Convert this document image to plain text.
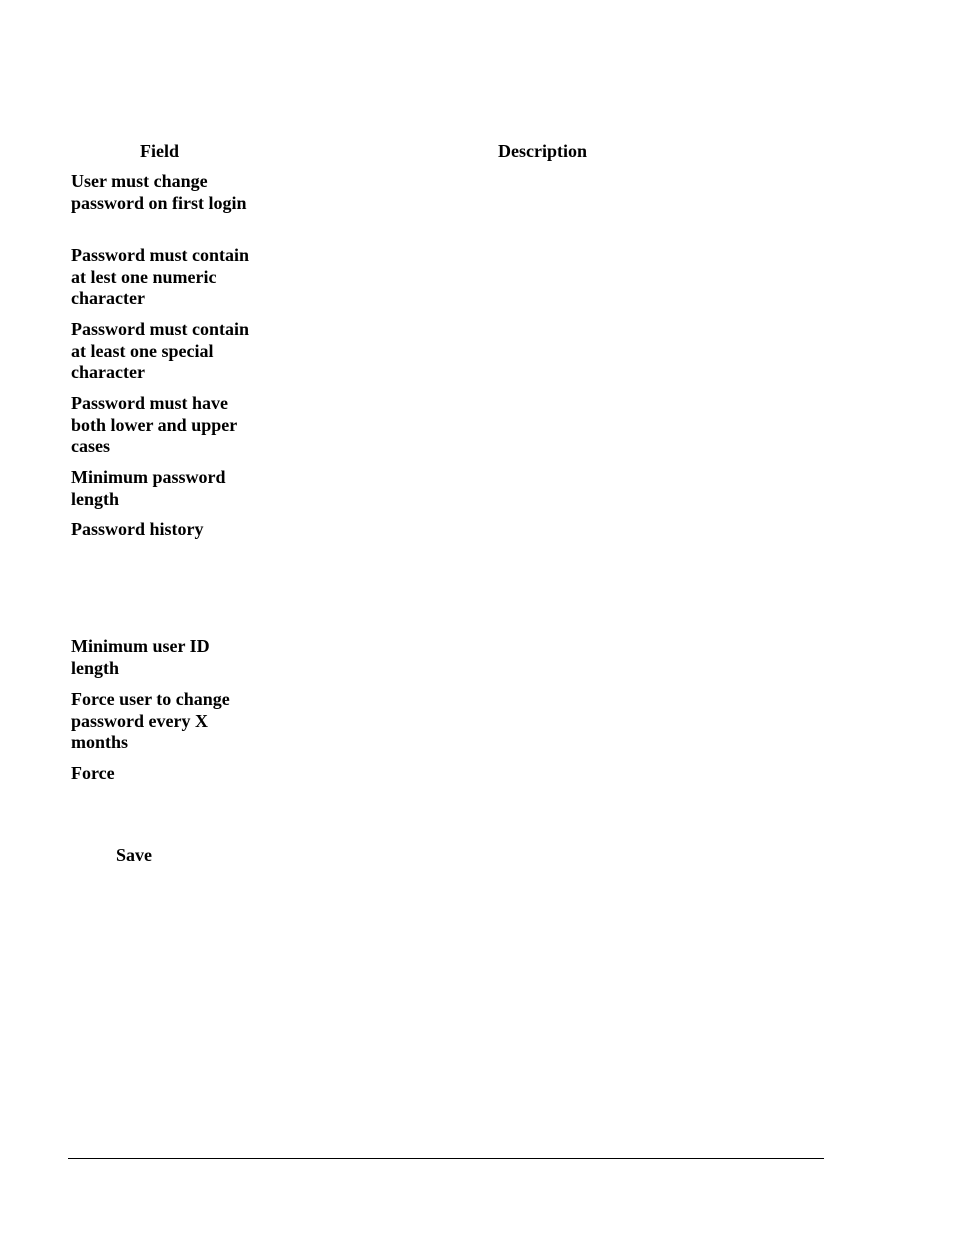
Field	Description
User must change password on first login
Password must contain at lest one numeric character
Password must contain at least one special character
Password must have both lower and upper cases
Minimum password length
Password history
Minimum user ID length
Force user to change password every X months
Force
Save
